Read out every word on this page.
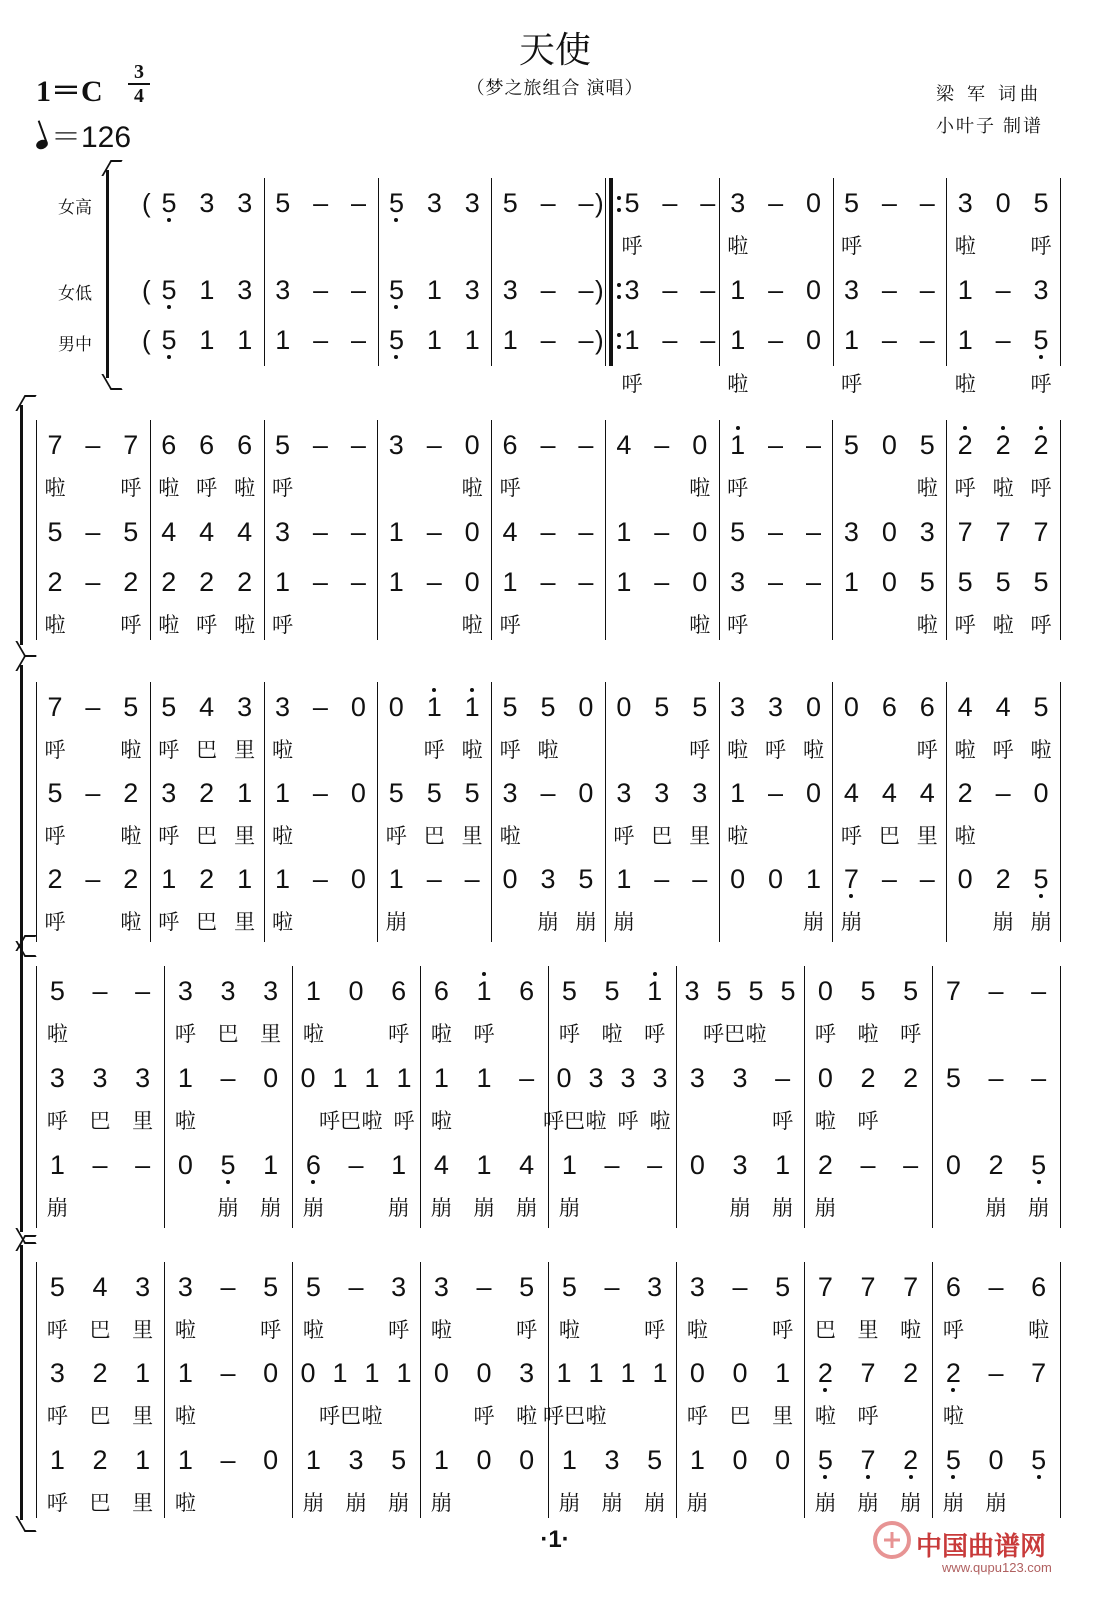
天使
（梦之旅组合 演唱）
1＝C
3
4
＝126
梁 军 词曲
小叶子 制谱
女高
女低
男中
( 5 3 3 5 – – 5 3 3 5 – – ) 5 – – 3 – 0 5 – – 3 0 5
呼	啦	呼	啦	呼
( 5 1 3 3 – – 5 1 3 3 – – ) 3 – – 1 – 0 3 – – 1 – 3
( 5 1 1 1 – – 5 1 1 1 – – ) 1 – – 1 – 0 1 – – 1 – 5
呼	啦	呼	啦	呼
7 – 7 6 6 6 5 – – 3 – 0 6 – – 4 – 0 1 – – 5 0 5 2 2 2
啦	呼 啦 呼 啦 呼	啦 呼	啦 呼	啦 呼 啦 呼
5 – 5 4 4 4 3 – – 1 – 0 4 – – 1 – 0 5 – – 3 0 3 7 7 7
2 – 2 2 2 2 1 – – 1 – 0 1 – – 1 – 0 3 – – 1 0 5 5 5 5
啦	呼 啦 呼 啦 呼	啦 呼	啦 呼	啦 呼 啦 呼
7 – 5 5 4 3 3 – 0 0 1 1 5 5 0 0 5 5 3 3 0 0 6 6 4 4 5
呼	啦 呼 巴 里 啦	呼 啦 呼 啦	呼 啦 呼 啦	呼 啦 呼 啦
5 – 2 3 2 1 1 – 0 5 5 5 3 – 0 3 3 3 1 – 0 4 4 4 2 – 0
呼	啦 呼 巴 里 啦	呼 巴 里 啦	呼 巴 里 啦	呼 巴 里 啦
2 – 2 1 2 1 1 – 0 1 – – 0 3 5 1 – – 0 0 1 7 – – 0 2 5
呼	啦 呼 巴 里 啦	崩	崩 崩 崩	崩 崩	崩 崩
5 – – 3 3 3 1 0 6 6 1 6 5 5 1 3 5 5 5 0 5 5 7 – –
啦	呼 巴 里 啦	呼 啦 呼	呼 啦 呼 呼巴 啦 呼 啦 呼
3 3 3 1 – 0 0 1 1 1 1 1 – 0 3 3 3 3 3 – 0 2 2 5 – –
呼 巴 里 啦	呼巴 啦 呼 啦	呼巴 啦 呼 啦	呼 啦 呼
1 – – 0 5 1 6 – 1 4 1 4 1 – – 0 3 1 2 – – 0 2 5
崩	崩 崩 崩	崩 崩 崩 崩 崩	崩 崩 崩	崩 崩
5 4 3 3 – 5 5 – 3 3 – 5 5 – 3 3 – 5 7 7 7 6 – 6
呼 巴 里 啦	呼 啦	呼 啦	呼 啦	呼 啦	呼 巴 里 啦 呼	啦
3 2 1 1 – 0 0 1 1 1 0 0 3 1 1 1 1 0 0 1 2 7 2 2 – 7
呼 巴 里 啦	呼巴 啦	呼 啦 呼巴 啦	呼 巴 里 啦 呼	啦
1 2 1 1 – 0 1 3 5 1 0 0 1 3 5 1 0 0 5 7 2 5 0 5
呼 巴 里 啦	崩 崩 崩 崩	崩 崩 崩 崩	崩 崩 崩 崩 崩
·1·	中国曲谱网
www.qupu123.com
